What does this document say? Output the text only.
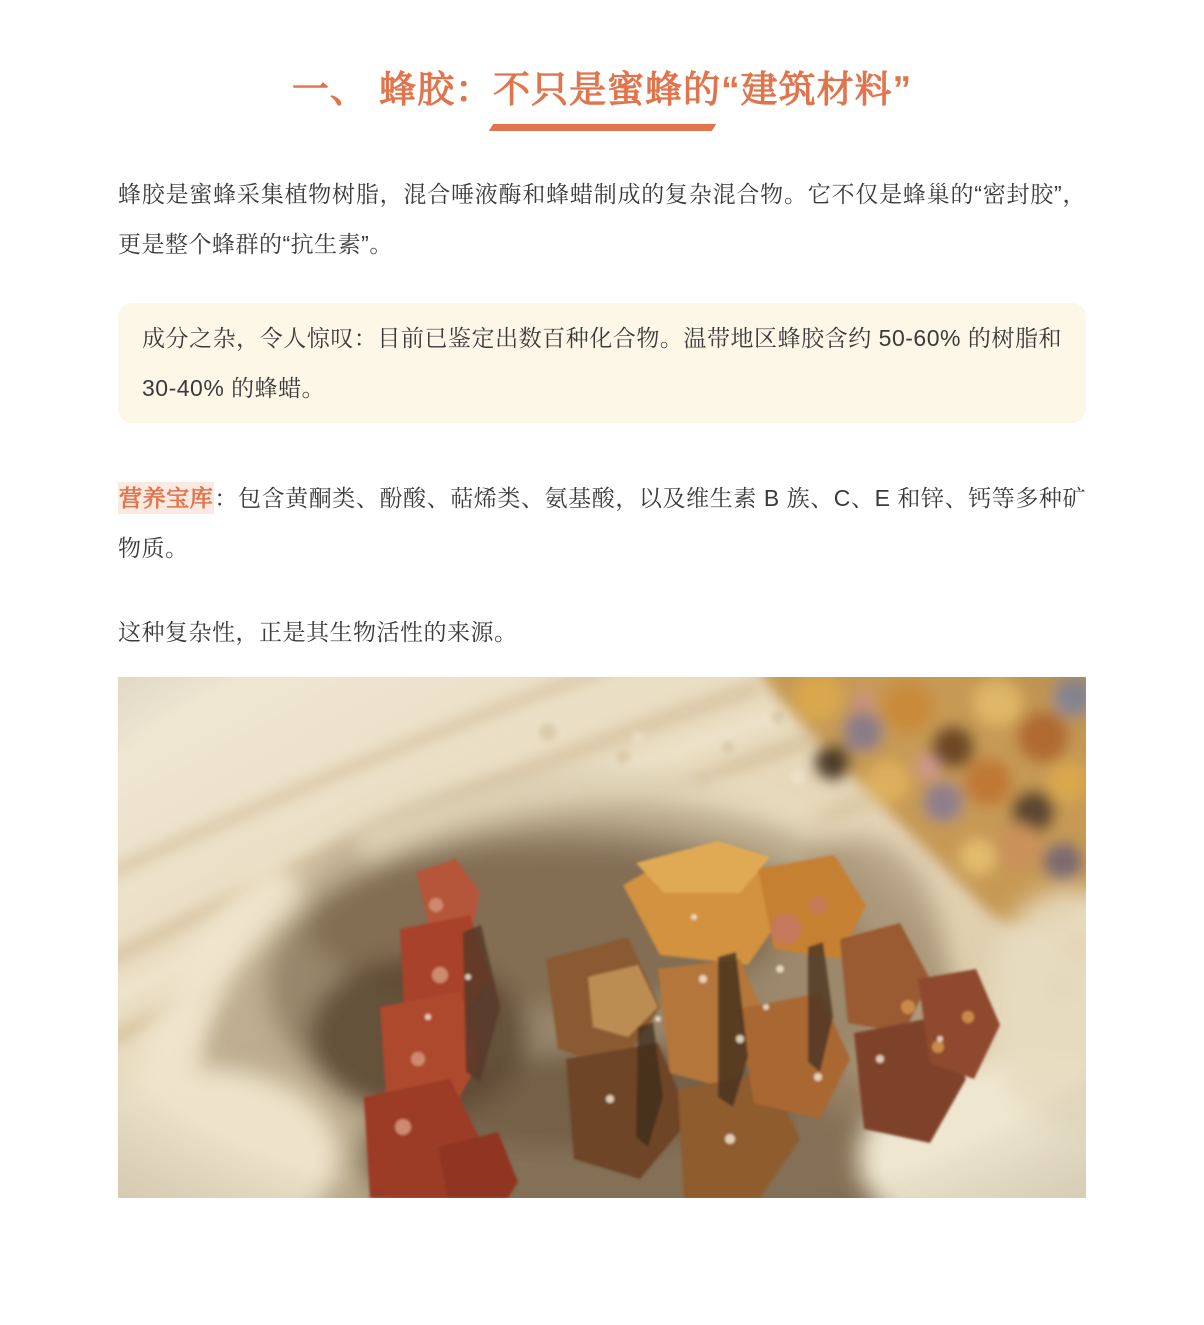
一、 蜂胶：不只是蜜蜂的“建筑材料”

蜂胶是蜜蜂采集植物树脂，混合唾液酶和蜂蜡制成的复杂混合物。它不仅是蜂巢的“密封胶”，更是整个蜂群的“抗生素”。

成分之杂，令人惊叹：目前已鉴定出数百种化合物。温带地区蜂胶含约 50-60% 的树脂和 30-40% 的蜂蜡。

营养宝库：包含黄酮类、酚酸、萜烯类、氨基酸，以及维生素 B 族、C、E 和锌、钙等多种矿物质。

这种复杂性，正是其生物活性的来源。
